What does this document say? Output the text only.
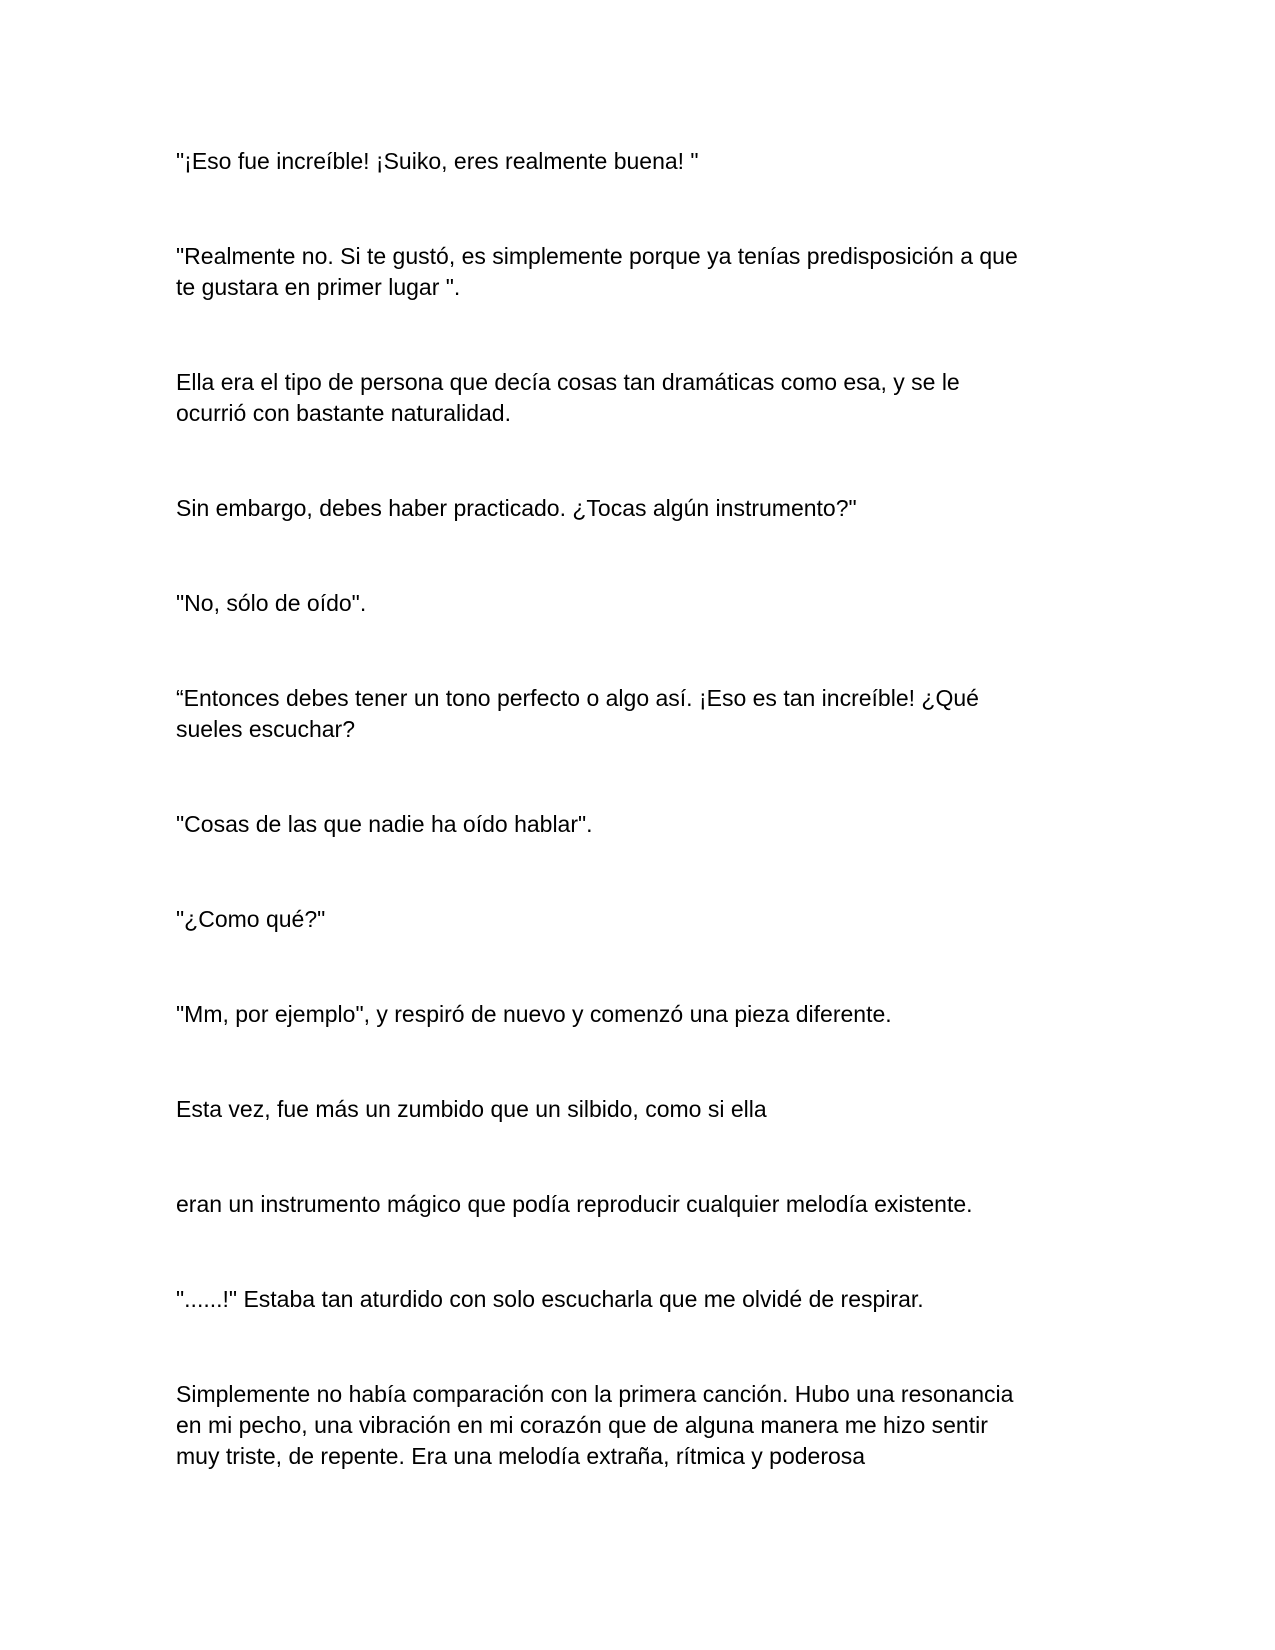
"¡Eso fue increíble! ¡Suiko, eres realmente buena! "

"Realmente no. Si te gustó, es simplemente porque ya tenías predisposición a que
te gustara en primer lugar ".

Ella era el tipo de persona que decía cosas tan dramáticas como esa, y se le
ocurrió con bastante naturalidad.

Sin embargo, debes haber practicado. ¿Tocas algún instrumento?"

"No, sólo de oído".

“Entonces debes tener un tono perfecto o algo así. ¡Eso es tan increíble! ¿Qué
sueles escuchar?

"Cosas de las que nadie ha oído hablar".

"¿Como qué?"

"Mm, por ejemplo", y respiró de nuevo y comenzó una pieza diferente.

Esta vez, fue más un zumbido que un silbido, como si ella

eran un instrumento mágico que podía reproducir cualquier melodía existente.

"......!" Estaba tan aturdido con solo escucharla que me olvidé de respirar.

Simplemente no había comparación con la primera canción. Hubo una resonancia
en mi pecho, una vibración en mi corazón que de alguna manera me hizo sentir
muy triste, de repente. Era una melodía extraña, rítmica y poderosa
